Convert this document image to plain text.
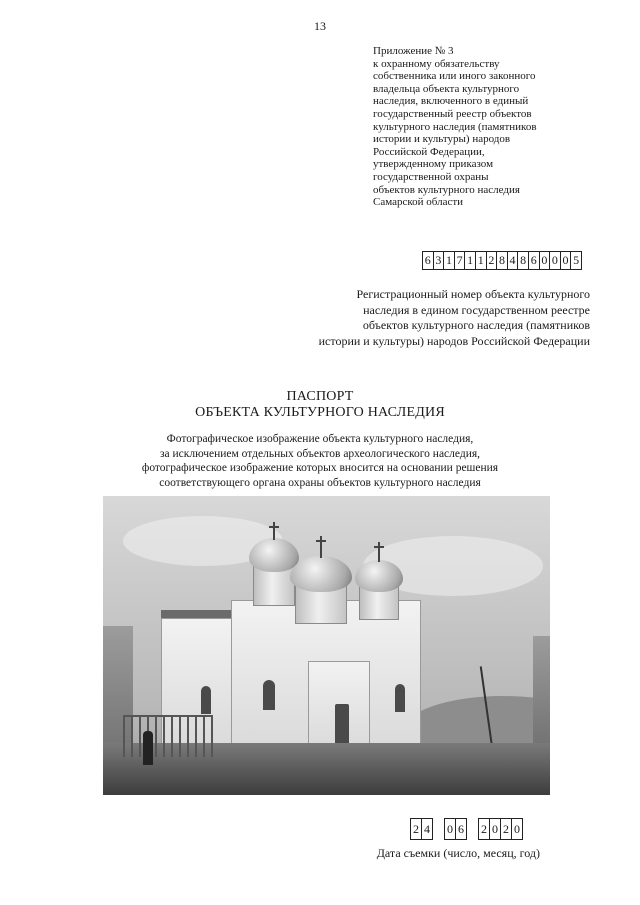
13
Приложение № 3
к охранному обязательству
собственника или иного законного
владельца объекта культурного
наследия, включенного в единый
государственный реестр объектов
культурного наследия (памятников
истории и культуры) народов
Российской Федерации,
утвержденному приказом
государственной охраны
объектов культурного наследия
Самарской области
6 3 1 7 1 1 2 8 4 8 6 0 0 0 5
Регистрационный номер объекта культурного
наследия в едином государственном реестре
объектов культурного наследия (памятников
истории и культуры) народов Российской Федерации
ПАСПОРТ
ОБЪЕКТА КУЛЬТУРНОГО НАСЛЕДИЯ
Фотографическое изображение объекта культурного наследия,
за исключением отдельных объектов археологического наследия,
фотографическое изображение которых вносится на основании решения
соответствующего органа охраны объектов культурного наследия
2 4 0 6 2 0 2 0
Дата съемки (число, месяц, год)
